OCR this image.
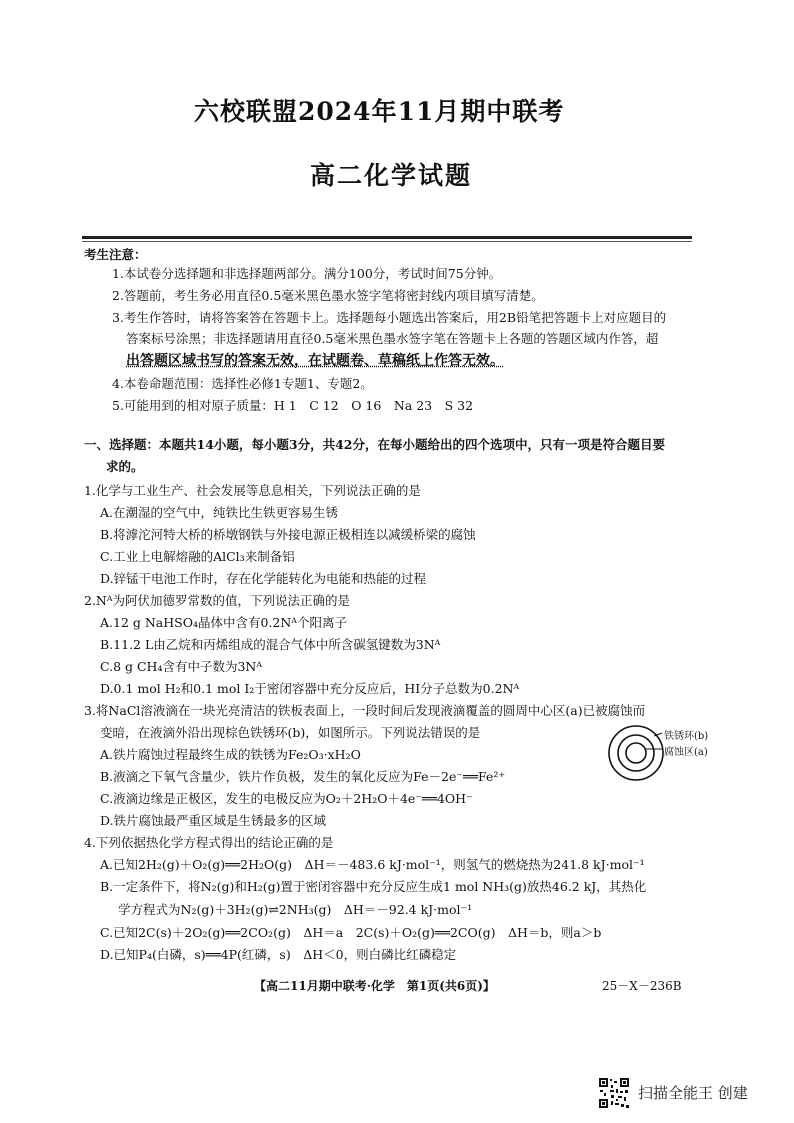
六校联盟2024年11月期中联考
高二化学试题
考生注意：
1.本试卷分选择题和非选择题两部分。满分100分，考试时间75分钟。
2.答题前，考生务必用直径0.5毫米黑色墨水签字笔将密封线内项目填写清楚。
3.考生作答时，请将答案答在答题卡上。选择题每小题选出答案后，用2B铅笔把答题卡上对应题目的
答案标号涂黑；非选择题请用直径0.5毫米黑色墨水签字笔在答题卡上各题的答题区域内作答，超
出答题区域书写的答案无效，在试题卷、草稿纸上作答无效。
4.本卷命题范围：选择性必修1专题1、专题2。
5.可能用到的相对原子质量：H 1　C 12　O 16　Na 23　S 32
一、选择题：本题共14小题，每小题3分，共42分，在每小题给出的四个选项中，只有一项是符合题目要
求的。
1.化学与工业生产、社会发展等息息相关，下列说法正确的是
A.在潮湿的空气中，纯铁比生铁更容易生锈
B.将滹沱河特大桥的桥墩钢铁与外接电源正极相连以减缓桥梁的腐蚀
C.工业上电解熔融的AlCl₃来制备铝
D.锌锰干电池工作时，存在化学能转化为电能和热能的过程
2.Nᴬ为阿伏加德罗常数的值，下列说法正确的是
A.12 g NaHSO₄晶体中含有0.2Nᴬ个阳离子
B.11.2 L由乙烷和丙烯组成的混合气体中所含碳氢键数为3Nᴬ
C.8 g CH₄含有中子数为3Nᴬ
D.0.1 mol H₂和0.1 mol I₂于密闭容器中充分反应后，HI分子总数为0.2Nᴬ
3.将NaCl溶液滴在一块光亮清洁的铁板表面上，一段时间后发现液滴覆盖的圆周中心区(a)已被腐蚀而
变暗，在液滴外沿出现棕色铁锈环(b)，如图所示。下列说法错误的是
A.铁片腐蚀过程最终生成的铁锈为Fe₂O₃·xH₂O
B.液滴之下氧气含量少，铁片作负极，发生的氧化反应为Fe－2e⁻══Fe²⁺
C.液滴边缘是正极区，发生的电极反应为O₂＋2H₂O＋4e⁻══4OH⁻
D.铁片腐蚀最严重区域是生锈最多的区域
铁锈环(b)
腐蚀区(a)
4.下列依据热化学方程式得出的结论正确的是
A.已知2H₂(g)＋O₂(g)══2H₂O(g)　ΔH＝－483.6 kJ·mol⁻¹，则氢气的燃烧热为241.8 kJ·mol⁻¹
B.一定条件下，将N₂(g)和H₂(g)置于密闭容器中充分反应生成1 mol NH₃(g)放热46.2 kJ，其热化
学方程式为N₂(g)＋3H₂(g)⇌2NH₃(g)　ΔH＝－92.4 kJ·mol⁻¹
C.已知2C(s)＋2O₂(g)══2CO₂(g)　ΔH＝a　2C(s)＋O₂(g)══2CO(g)　ΔH＝b，则a＞b
D.已知P₄(白磷，s)══4P(红磷，s)　ΔH＜0，则白磷比红磷稳定
【高二11月期中联考·化学　第1页(共6页)】	25－X－236B
扫描全能王 创建
